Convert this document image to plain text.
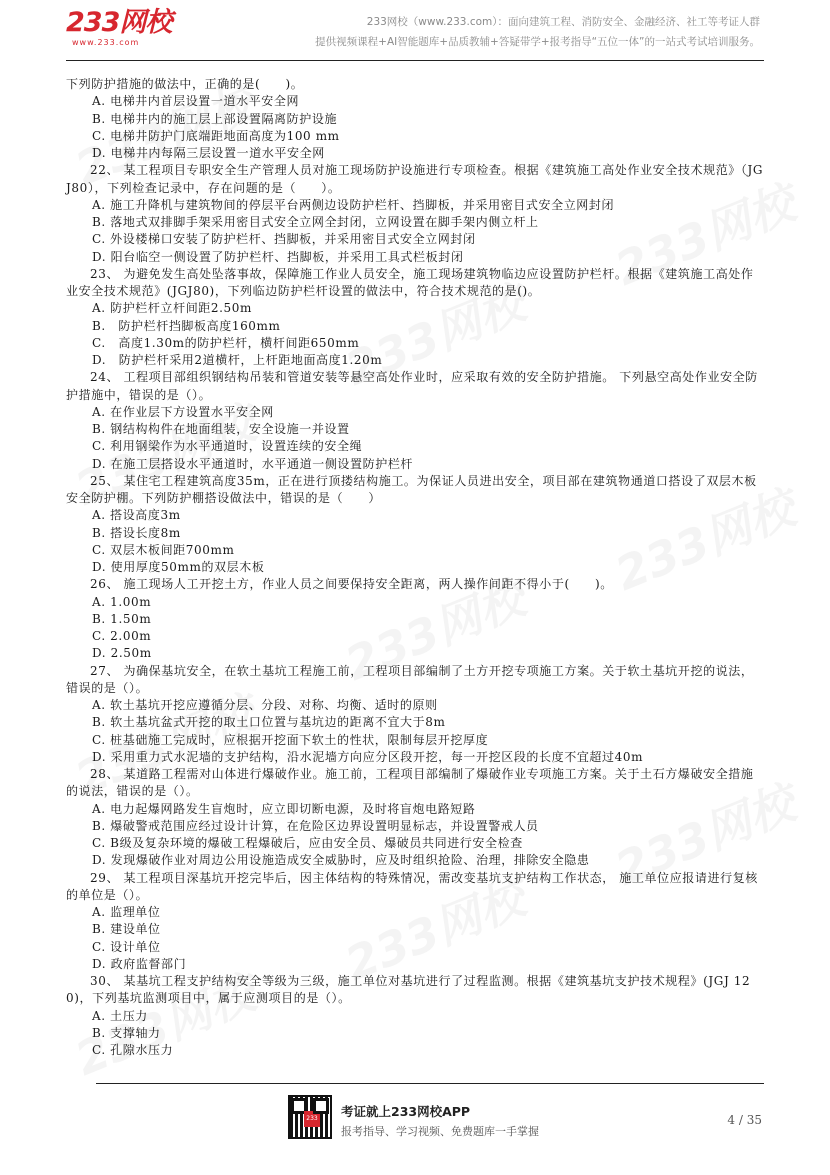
233网校
www.233.com
233网校（www.233.com）：面向建筑工程、消防安全、金融经济、社工等考证人群
提供视频课程+AI智能题库+品质教辅+答疑带学+报考指导“五位一体”的一站式考试培训服务。

下列防护措施的做法中，正确的是(　　)。

A. 电梯井内首层设置一道水平安全网

B. 电梯井内的施工层上部设置隔离防护设施

C. 电梯井防护门底端距地面高度为100 mm

D. 电梯井内每隔三层设置一道水平安全网

22、 某工程项目专职安全生产管理人员对施工现场防护设施进行专项检查。根据《建筑施工高处作业安全技术规范》（JGJ80），下列检查记录中，存在问题的是（　　）。

A. 施工升降机与建筑物间的停层平台两侧边设防护栏杆、挡脚板，并采用密目式安全立网封闭

B. 落地式双排脚手架采用密目式安全立网全封闭，立网设置在脚手架内侧立杆上

C. 外设楼梯口安装了防护栏杆、挡脚板，并采用密目式安全立网封闭

D. 阳台临空一侧设置了防护栏杆、挡脚板，并采用工具式栏板封闭

23、 为避免发生高处坠落事故，保障施工作业人员安全，施工现场建筑物临边应设置防护栏杆。根据《建筑施工高处作业安全技术规范》(JGJ80)，下列临边防护栏杆设置的做法中，符合技术规范的是()。

A. 防护栏杆立杆间距2.50m

B.　防护栏杆挡脚板高度160mm

C.　高度1.30m的防护栏杆，横杆间距650mm

D.　防护栏杆采用2道横杆，上杆距地面高度1.20m

24、 工程项目部组织钢结构吊装和管道安装等悬空高处作业时，应采取有效的安全防护措施。 下列悬空高处作业安全防护措施中，错误的是（）。

A. 在作业层下方设置水平安全网

B. 钢结构构件在地面组装，安全设施一并设置

C. 利用钢梁作为水平通道时，设置连续的安全绳

D. 在施工层搭设水平通道时，水平通道一侧设置防护栏杆

25、 某住宅工程建筑高度35m，正在进行顶搂结构施工。为保证人员进出安全，项目部在建筑物通道口搭设了双层木板安全防护棚。下列防护棚搭设做法中，错误的是（　　）

A. 搭设高度3m

B. 搭设长度8m

C. 双层木板间距700mm

D. 使用厚度50mm的双层木板

26、 施工现场人工开挖土方，作业人员之间要保持安全距离，两人操作间距不得小于(　　)。

A. 1.00m

B. 1.50m

C. 2.00m

D. 2.50m

27、 为确保基坑安全，在软土基坑工程施工前，工程项目部编制了土方开挖专项施工方案。关于软土基坑开挖的说法，错误的是（）。

A. 软土基坑开挖应遵循分层、分段、对称、均衡、适时的原则

B. 软土基坑盆式开挖的取土口位置与基坑边的距离不宜大于8m

C. 桩基础施工完成时，应根据开挖面下软土的性状，限制每层开挖厚度

D. 采用重力式水泥墙的支护结构，沿水泥墙方向应分区段开挖，每一开挖区段的长度不宜超过40m

28、 某道路工程需对山体进行爆破作业。施工前，工程项目部编制了爆破作业专项施工方案。关于土石方爆破安全措施的说法，错误的是（）。

A. 电力起爆网路发生盲炮时，应立即切断电源，及时将盲炮电路短路

B. 爆破警戒范围应经过设计计算，在危险区边界设置明显标志，并设置警戒人员

C. B级及复杂环境的爆破工程爆破后，应由安全员、爆破员共同进行安全检查

D. 发现爆破作业对周边公用设施造成安全威胁时，应及时组织抢险、治理，排除安全隐患

29、 某工程项目深基坑开挖完毕后，因主体结构的特殊情况，需改变基坑支护结构工作状态， 施工单位应报请进行复核的单位是（）。

A. 监理单位

B. 建设单位

C. 设计单位

D. 政府监督部门

30、 某基坑工程支护结构安全等级为三级，施工单位对基坑进行了过程监测。根据《建筑基坑支护技术规程》(JGJ 120)，下列基坑监测项目中，属于应测项目的是（）。

A. 土压力

B. 支撑轴力

C. 孔隙水压力

233 考证就上233网校APP
报考指导、学习视频、免费题库一手掌握
4 / 35
